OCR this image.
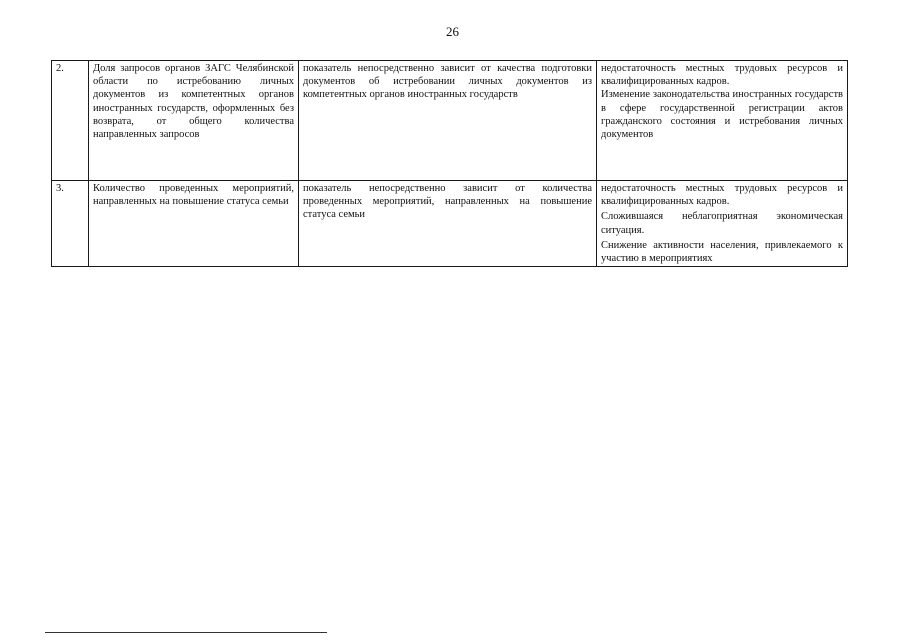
26
2.	Доля запросов органов ЗАГС Челябинской области по истребованию личных документов из компетентных органов иностранных государств, оформленных без возврата, от общего количества направленных запросов	показатель непосредственно зависит от качества подготовки документов об истребовании личных документов из компетентных органов иностранных государств	недостаточность местных трудовых ресурсов и квалифицированных кадров.
Изменение законодательства иностранных государств в сфере государственной регистрации актов гражданского состояния и истребования личных документов

3.	Количество проведенных мероприятий, направленных на повышение статуса семьи	показатель непосредственно зависит от количества проведенных мероприятий, направленных на повышение статуса семьи	недостаточность местных трудовых ресурсов и квалифицированных кадров.
Сложившаяся неблагоприятная экономическая ситуация.
Снижение активности населения, привлекаемого к участию в мероприятиях
